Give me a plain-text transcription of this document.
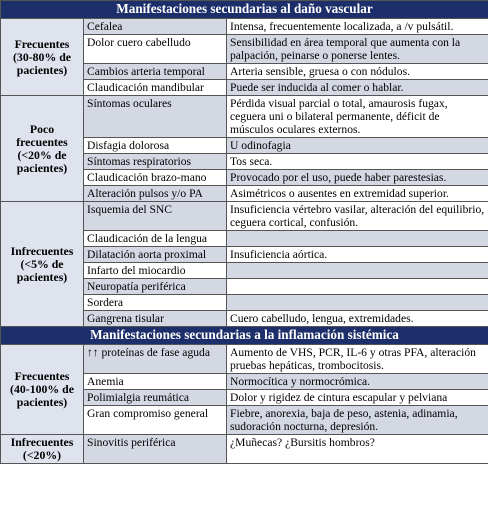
Manifestaciones secundarias al daño vascular		
Frecuentes (30-80% de pacientes)	Cefalea	Intensa, frecuentemente localizada, a /v pulsátil.
	Dolor cuero cabelludo	Sensibilidad en área temporal que aumenta con la palpación, peinarse o ponerse lentes.
	Cambios arteria temporal	Arteria sensible, gruesa o con nódulos.
	Claudicación mandibular	Puede ser inducida al comer o hablar.
Poco frecuentes (<20% de pacientes)	Síntomas oculares	Pérdida visual parcial o total, amaurosis fugax, ceguera uni o bilateral permanente, déficit de músculos oculares externos.
	Disfagia dolorosa	U odinofagia
	Síntomas respiratorios	Tos seca.
	Claudicación brazo-mano	Provocado por el uso, puede haber parestesias.
	Alteración pulsos y/o PA	Asimétricos o ausentes en extremidad superior.
Infrecuentes (<5% de pacientes)	Isquemia del SNC	Insuficiencia vértebro vasilar, alteración del equilibrio, ceguera cortical, confusión.
	Claudicación de la lengua	
	Dilatación aorta proximal	Insuficiencia aórtica.
	Infarto del miocardio	
	Neuropatía periférica	
	Sordera	
	Gangrena tisular	Cuero cabelludo, lengua, extremidades.
Manifestaciones secundarias a la inflamación sistémica		
Frecuentes (40-100% de pacientes)	↑↑ proteínas de fase aguda	Aumento de VHS, PCR, IL-6 y otras PFA, alteración pruebas hepáticas, trombocitosis.
	Anemia	Normocítica y normocrómica.
	Polimialgia reumática	Dolor y rigidez de cintura escapular y pelviana
	Gran compromiso general	Fiebre, anorexia, baja de peso, astenia, adinamia, sudoración nocturna, depresión.
Infrecuentes (<20%)	Sinovitis periférica	¿Muñecas? ¿Bursitis hombros?
